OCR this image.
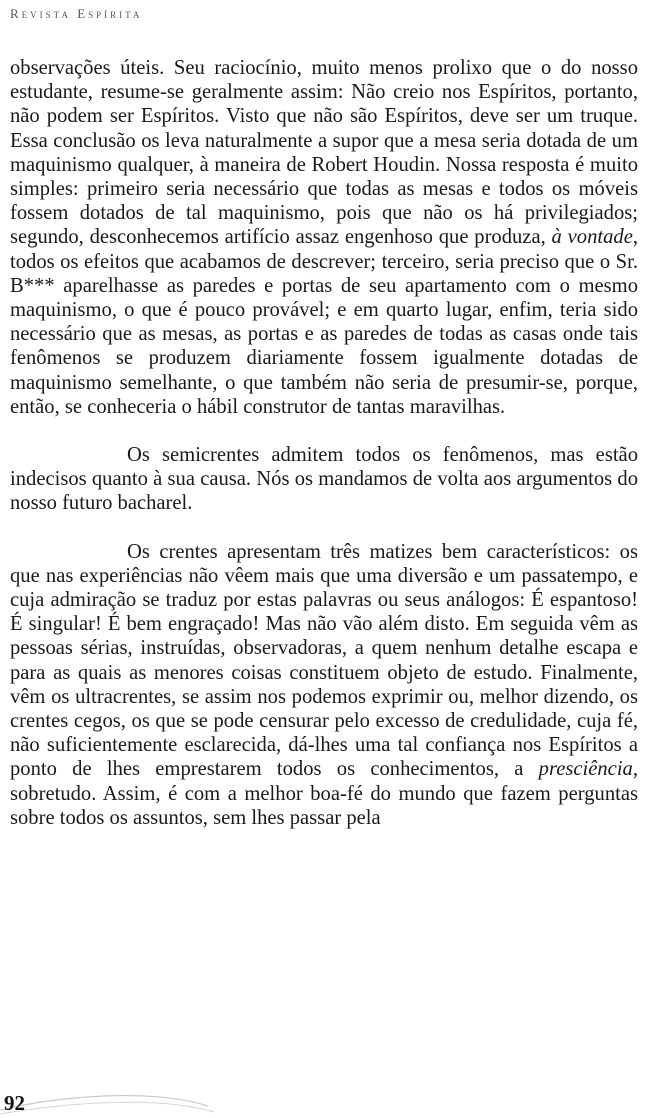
Revista Espírita

observações úteis. Seu raciocínio, muito menos prolixo que o do nosso estudante, resume-se geralmente assim: Não creio nos Espíritos, portanto, não podem ser Espíritos. Visto que não são Espíritos, deve ser um truque. Essa conclusão os leva naturalmente a supor que a mesa seria dotada de um maquinismo qualquer, à maneira de Robert Houdin. Nossa resposta é muito simples: primeiro seria necessário que todas as mesas e todos os móveis fossem dotados de tal maquinismo, pois que não os há privilegiados; segundo, desconhecemos artifício assaz engenhoso que produza, à vontade, todos os efeitos que acabamos de descrever; terceiro, seria preciso que o Sr. B*** aparelhasse as paredes e portas de seu apartamento com o mesmo maquinismo, o que é pouco provável; e em quarto lugar, enfim, teria sido necessário que as mesas, as portas e as paredes de todas as casas onde tais fenômenos se produzem diariamente fossem igualmente dotadas de maquinismo semelhante, o que também não seria de presumir-se, porque, então, se conheceria o hábil construtor de tantas maravilhas.

Os semicrentes admitem todos os fenômenos, mas estão indecisos quanto à sua causa. Nós os mandamos de volta aos argumentos do nosso futuro bacharel.

Os crentes apresentam três matizes bem característicos: os que nas experiências não vêem mais que uma diversão e um passatempo, e cuja admiração se traduz por estas palavras ou seus análogos: É espantoso! É singular! É bem engraçado! Mas não vão além disto. Em seguida vêm as pessoas sérias, instruídas, observadoras, a quem nenhum detalhe escapa e para as quais as menores coisas constituem objeto de estudo. Finalmente, vêm os ultracrentes, se assim nos podemos exprimir ou, melhor dizendo, os crentes cegos, os que se pode censurar pelo excesso de credulidade, cuja fé, não suficientemente esclarecida, dá-lhes uma tal confiança nos Espíritos a ponto de lhes emprestarem todos os conhecimentos, a presciência, sobretudo. Assim, é com a melhor boa-fé do mundo que fazem perguntas sobre todos os assuntos, sem lhes passar pela

92
